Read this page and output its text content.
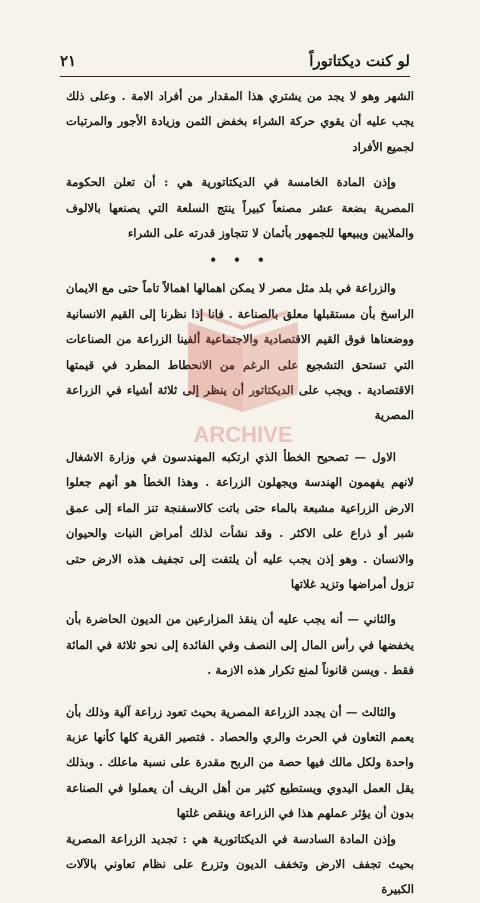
لو كنت ديكتاتوراً
٢١

الشهر وهو لا يجد من يشتري هذا المقدار من أفراد الامة . وعلى ذلك يجب عليه أن يقوي حركة الشراء بخفض الثمن وزيادة الأجور والمرتبات لجميع الأفراد

وإذن المادة الخامسة في الديكتاتورية هي : أن تعلن الحكومة المصرية بضعة عشر مصنعاً كبيراً ينتج السلعة التي يصنعها بالالوف والملايين ويبيعها للجمهور بأثمان لا تتجاوز قدرته على الشراء

• • •

والزراعة في بلد مثل مصر لا يمكن اهمالها اهمالاً تاماً حتى مع الايمان الراسخ بأن مستقبلها معلق بالصناعة . فانا إذا نظرنا إلى القيم الانسانية ووضعناها فوق القيم الاقتصادية والاجتماعية ألفينا الزراعة من الصناعات التي تستحق التشجيع على الرغم من الانحطاط المطرد في قيمتها الاقتصادية . ويجب على الديكتاتور أن ينظر إلى ثلاثة أشياء في الزراعة المصرية

الاول — تصحيح الخطأ الذي ارتكبه المهندسون في وزارة الاشغال لانهم يفهمون الهندسة ويجهلون الزراعة . وهذا الخطأ هو أنهم جعلوا الارض الزراعية مشبعة بالماء حتى باتت كالاسفنجة تنز الماء إلى عمق شبر أو ذراع على الاكثر . وقد نشأت لذلك أمراض النبات والحيوان والانسان . وهو إذن يجب عليه أن يلتفت إلى تجفيف هذه الارض حتى تزول أمراضها وتزيد غلاتها

والثاني — أنه يجب عليه أن ينقذ المزارعين من الديون الحاضرة بأن يخفضها في رأس المال إلى النصف وفي الفائدة إلى نحو ثلاثة في المائة فقط . ويسن قانوناً لمنع تكرار هذه الازمة .

والثالث — أن يجدد الزراعة المصرية بحيث تعود زراعة آلية وذلك بأن يعمم التعاون في الحرث والري والحصاد . فتصير القرية كلها كأنها عزبة واحدة ولكل مالك فيها حصة من الربح مقدرة على نسبة ماعلك . وبذلك يقل العمل اليدوي ويستطيع كثير من أهل الريف أن يعملوا في الصناعة بدون أن يؤثر عملهم هذا في الزراعة وينقص غلتها

وإذن المادة السادسة في الديكتاتورية هي : تجديد الزراعة المصرية بحيث تجفف الارض وتخفف الديون وتزرع على نظام تعاوني بالآلات الكبيرة

ARCHIVE
